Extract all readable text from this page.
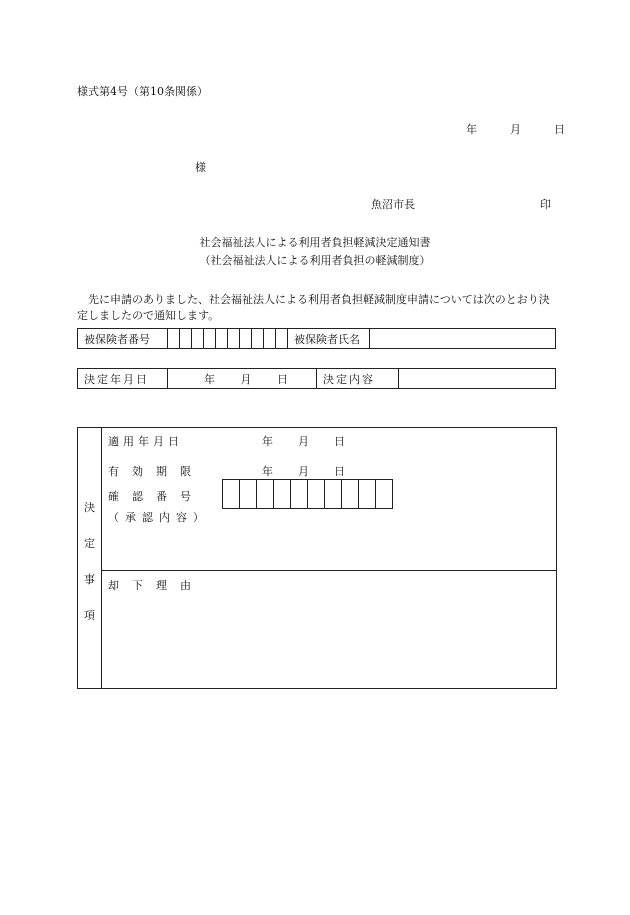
様式第4号（第10条関係）
年	月	日
様
魚沼市長	印
社会福祉法人による利用者負担軽減決定通知書
（社会福祉法人による利用者負担の軽減制度）
先に申請のありました、社会福祉法人による利用者負担軽減制度申請については次のとおり決定しましたので通知します。
被保険者番号											被保険者氏名	
決定年月日	年 月 日	決定内容	
決
定
事
項
適用年月日	年 月 日
有効期限	年 月 日
確認番号
（承認内容）
却下理由
